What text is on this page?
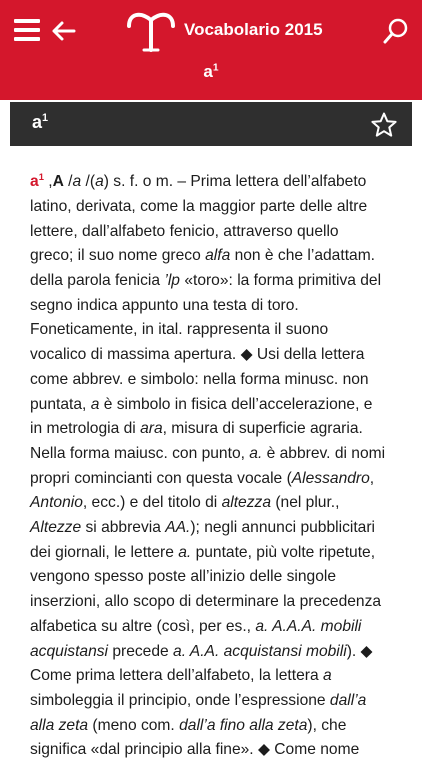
Vocabolario 2015
$a^1$
$a^1$
$a^1$ ,A /a /(a) s. f. o m. – Prima lettera dell’alfabeto
latino, derivata, come la maggior parte delle altre
lettere, dall’alfabeto fenicio, attraverso quello
greco; il suo nome greco alfa non è che l’adattam.
della parola fenicia ’lp «toro»: la forma primitiva del
segno indica appunto una testa di toro.
Foneticamente, in ital. rappresenta il suono
vocalico di massima apertura. ◆ Usi della lettera
come abbrev. e simbolo: nella forma minusc. non
puntata, a è simbolo in fisica dell’accelerazione, e
in metrologia di ara, misura di superficie agraria.
Nella forma maiusc. con punto, a. è abbrev. di nomi
propri comincianti con questa vocale (Alessandro,
Antonio, ecc.) e del titolo di altezza (nel plur.,
Altezze si abbrevia AA.); negli annunci pubblicitari
dei giornali, le lettere a. puntate, più volte ripetute,
vengono spesso poste all’inizio delle singole
inserzioni, allo scopo di determinare la precedenza
alfabetica su altre (così, per es., a. A.A.A. mobili
acquistansi precede a. A.A. acquistansi mobili). ◆
Come prima lettera dell’alfabeto, la lettera a
simboleggia il principio, onde l’espressione dall’a
alla zeta (meno com. dall’a fino alla zeta), che
significa «dal principio alla fine». ◆ Come nome
